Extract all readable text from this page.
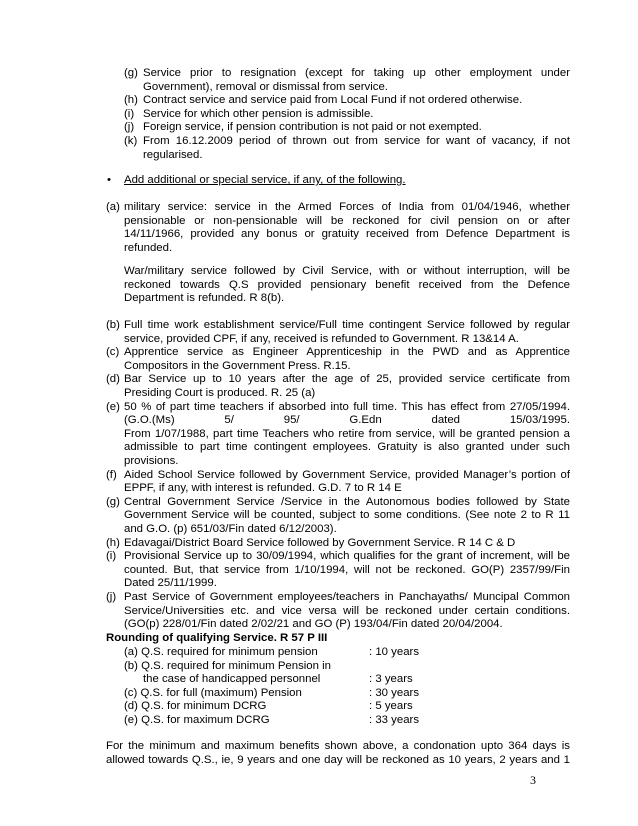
(g) Service prior to resignation (except for taking up other employment under
Government), removal or dismissal from service.
(h) Contract service and service paid from Local Fund if not ordered otherwise.
(i) Service for which other pension is admissible.
(j) Foreign service, if pension contribution is not paid or not exempted.
(k) From 16.12.2009 period of thrown out from service for want of vacancy, if not
regularised.
• Add additional or special service, if any, of the following.
(a) military service: service in the Armed Forces of India from 01/04/1946, whether
pensionable or non-pensionable will be reckoned for civil pension on or after
14/11/1966, provided any bonus or gratuity received from Defence Department is
refunded.
War/military service followed by Civil Service, with or without interruption, will be
reckoned towards Q.S provided pensionary benefit received from the Defence
Department is refunded. R 8(b).
(b) Full time work establishment service/Full time contingent Service followed by regular
service, provided CPF, if any, received is refunded to Government. R 13&14 A.
(c) Apprentice service as Engineer Apprenticeship in the PWD and as Apprentice
Compositors in the Government Press. R.15.
(d) Bar Service up to 10 years after the age of 25, provided service certificate from
Presiding Court is produced. R. 25 (a)
(e) 50 % of part time teachers if absorbed into full time. This has effect from 27/05/1994.
(G.O.(Ms) 5/ 95/ G.Edn dated 15/03/1995.
From 1/07/1988, part time Teachers who retire from service, will be granted pension a
admissible to part time contingent employees. Gratuity is also granted under such
provisions.
(f) Aided School Service followed by Government Service, provided Manager’s portion of
EPPF, if any, with interest is refunded. G.D. 7 to R 14 E
(g) Central Government Service /Service in the Autonomous bodies followed by State
Government Service will be counted, subject to some conditions. (See note 2 to R 11
and G.O. (p) 651/03/Fin dated 6/12/2003).
(h) Edavagai/District Board Service followed by Government Service. R 14 C & D
(i) Provisional Service up to 30/09/1994, which qualifies for the grant of increment, will be
counted. But, that service from 1/10/1994, will not be reckoned. GO(P) 2357/99/Fin
Dated 25/11/1999.
(j) Past Service of Government employees/teachers in Panchayaths/ Muncipal Common
Service/Universities etc. and vice versa will be reckoned under certain conditions.
(GO(p) 228/01/Fin dated 2/02/21 and GO (P) 193/04/Fin dated 20/04/2004.
Rounding of qualifying Service. R 57 P III
(a) Q.S. required for minimum pension	: 10 years
(b) Q.S. required for minimum Pension in
the case of handicapped personnel	: 3 years
(c) Q.S. for full (maximum) Pension	: 30 years
(d) Q.S. for minimum DCRG	: 5 years
(e) Q.S. for maximum DCRG	: 33 years
For the minimum and maximum benefits shown above, a condonation upto 364 days is
allowed towards Q.S., ie, 9 years and one day will be reckoned as 10 years, 2 years and 1
3
